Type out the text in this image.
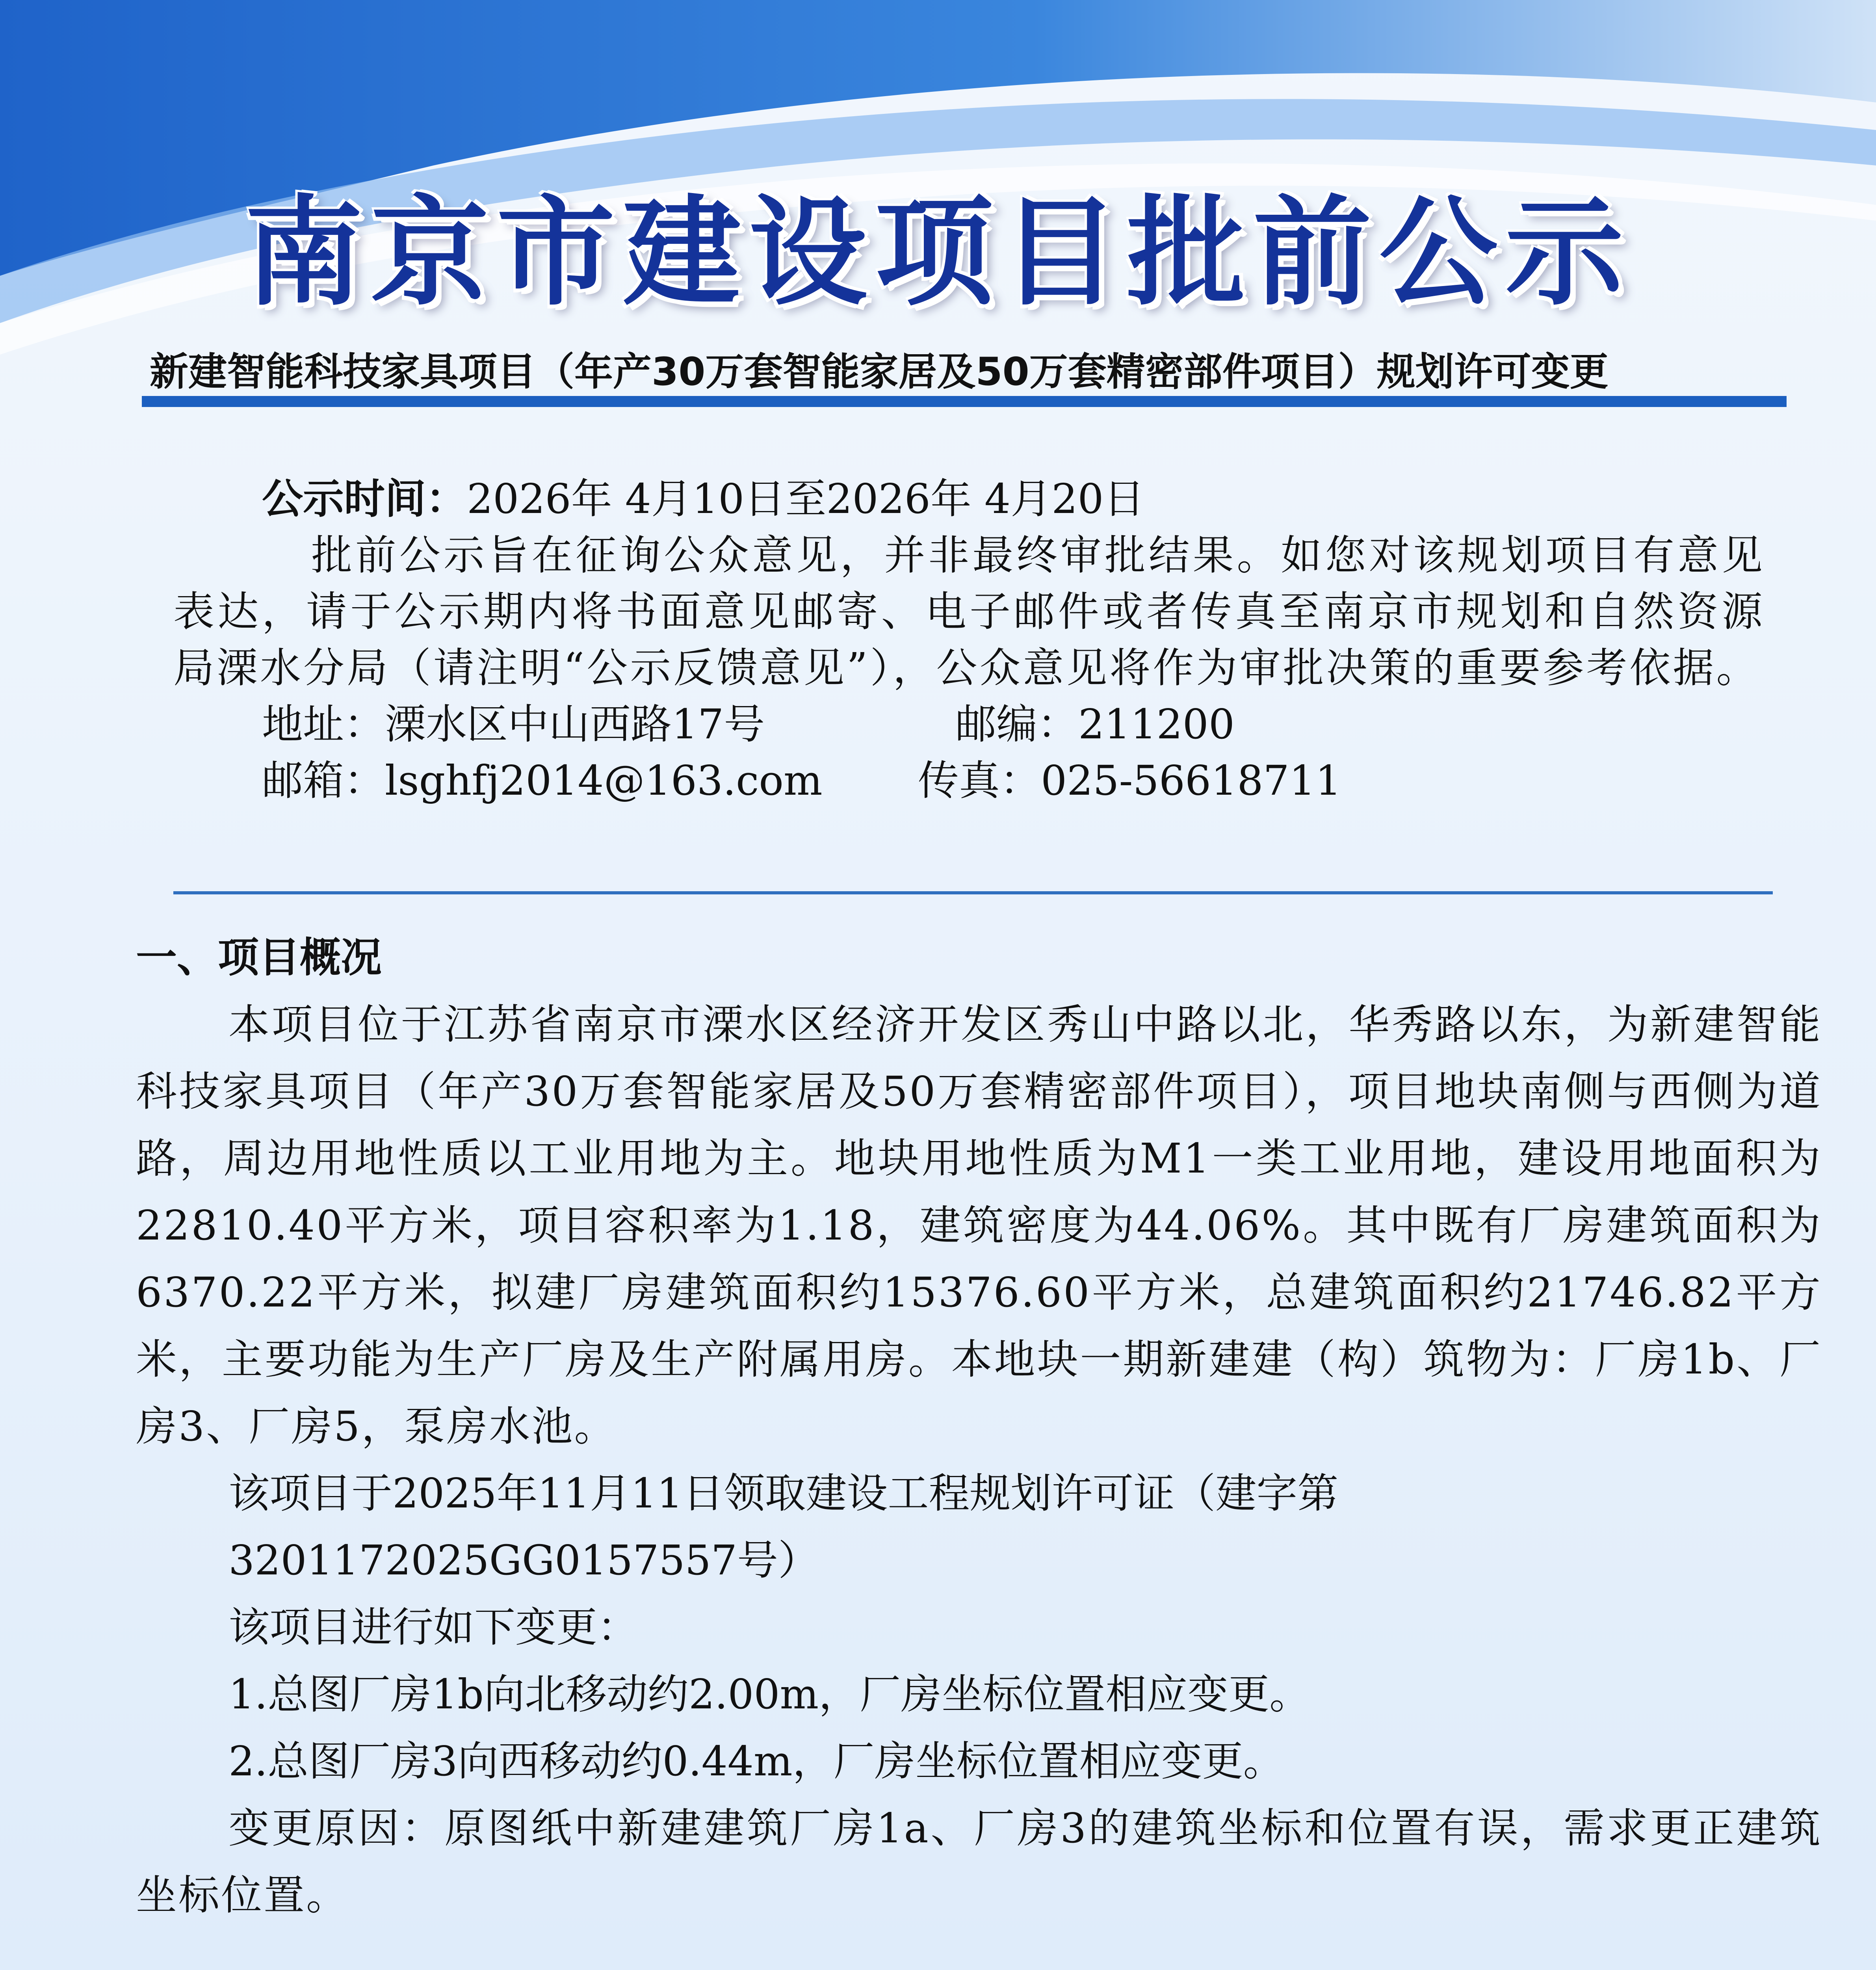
南京市建设项目批前公示
新建智能科技家具项目（年产30万套智能家居及50万套精密部件项目）规划许可变更

公示时间：2026年 4月10日至2026年 4月20日

批前公示旨在征询公众意见，并非最终审批结果。如您对该规划项目有意见表达，请于公示期内将书面意见邮寄、电子邮件或者传真至南京市规划和自然资源局溧水分局（请注明“公示反馈意见”），公众意见将作为审批决策的重要参考依据。

地址：溧水区中山西路17号	邮编：211200
邮箱：lsghfj2014@163.com 传真：025-56618711
一、项目概况

本项目位于江苏省南京市溧水区经济开发区秀山中路以北，华秀路以东，为新建智能科技家具项目（年产30万套智能家居及50万套精密部件项目），项目地块南侧与西侧为道路，周边用地性质以工业用地为主。地块用地性质为M1一类工业用地，建设用地面积为22810.40平方米，项目容积率为1.18，建筑密度为44.06%。其中既有厂房建筑面积为6370.22平方米，拟建厂房建筑面积约15376.60平方米，总建筑面积约21746.82平方米，主要功能为生产厂房及生产附属用房。本地块一期新建建（构）筑物为：厂房1b、厂房3、厂房5，泵房水池。

该项目于2025年11月11日领取建设工程规划许可证（建字第3201172025GG0157557号）

该项目进行如下变更：

1.总图厂房1b向北移动约2.00m，厂房坐标位置相应变更。

2.总图厂房3向西移动约0.44m，厂房坐标位置相应变更。

变更原因：原图纸中新建建筑厂房1a、厂房3的建筑坐标和位置有误，需求更正建筑坐标位置。
